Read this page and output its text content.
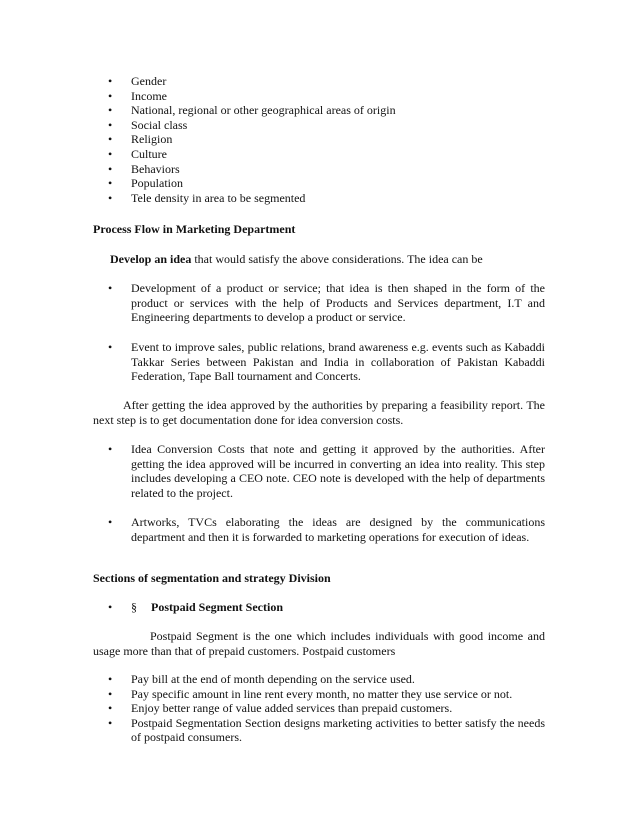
• Gender
• Income
• National, regional or other geographical areas of origin
• Social class
• Religion
• Culture
• Behaviors
• Population
• Tele density in area to be segmented
Process Flow in Marketing Department
Develop an idea that would satisfy the above considerations. The idea can be
• Development of a product or service; that idea is then shaped in the form of the product or services with the help of Products and Services department, I.T and Engineering departments to develop a product or service.
• Event to improve sales, public relations, brand awareness e.g. events such as Kabaddi Takkar Series between Pakistan and India in collaboration of Pakistan Kabaddi Federation, Tape Ball tournament and Concerts.
After getting the idea approved by the authorities by preparing a feasibility report. The next step is to get documentation done for idea conversion costs.
• Idea Conversion Costs that note and getting it approved by the authorities. After getting the idea approved will be incurred in converting an idea into reality. This step includes developing a CEO note. CEO note is developed with the help of departments related to the project.
• Artworks, TVCs elaborating the ideas are designed by the communications department and then it is forwarded to marketing operations for execution of ideas.
Sections of segmentation and strategy Division
• § Postpaid Segment Section
Postpaid Segment is the one which includes individuals with good income and usage more than that of prepaid customers. Postpaid customers
• Pay bill at the end of month depending on the service used.
• Pay specific amount in line rent every month, no matter they use service or not.
• Enjoy better range of value added services than prepaid customers.
• Postpaid Segmentation Section designs marketing activities to better satisfy the needs of postpaid consumers.
